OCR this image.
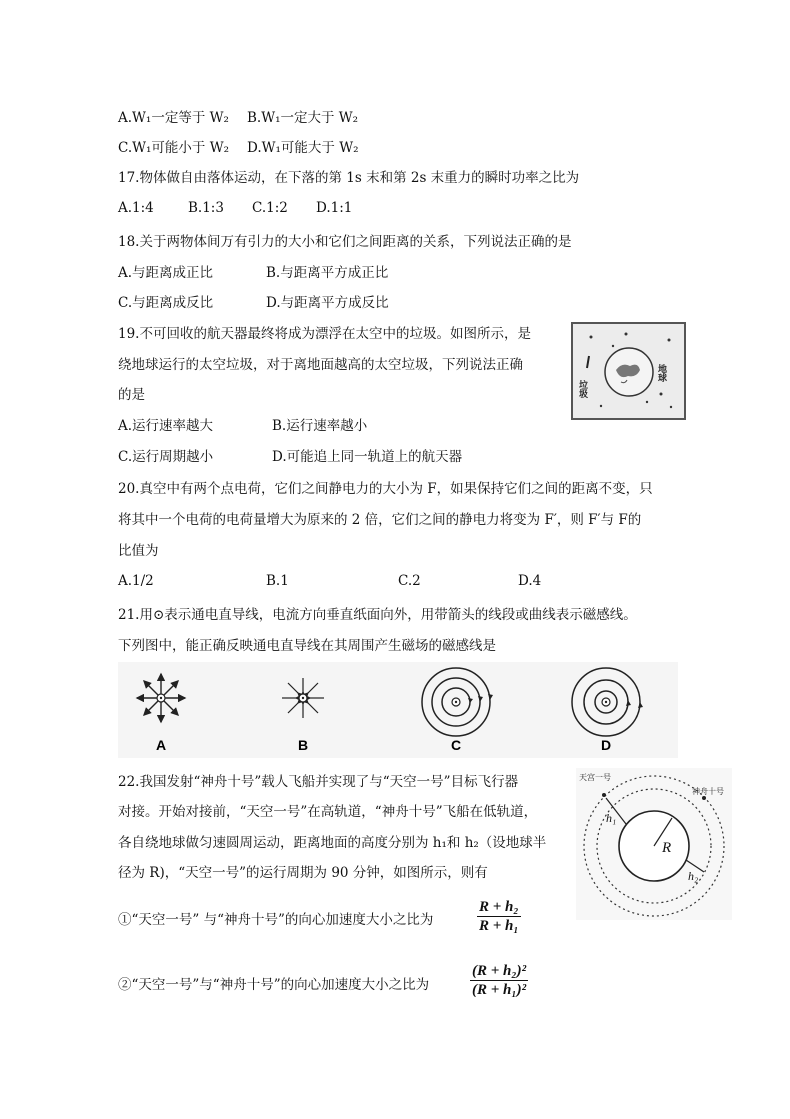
A.W₁一定等于 W₂ B.W₁一定大于 W₂
C.W₁可能小于 W₂ D.W₁可能大于 W₂
17.物体做自由落体运动，在下落的第 1s 末和第 2s 末重力的瞬时功率之比为
A.1:4	B.1:3 C.1:2 D.1:1
18.关于两物体间万有引力的大小和它们之间距离的关系，下列说法正确的是
A.与距离成正比	B.与距离平方成正比
C.与距离成反比	D.与距离平方成反比
19.不可回收的航天器最终将成为漂浮在太空中的垃圾。如图所示，是
绕地球运行的太空垃圾，对于离地面越高的太空垃圾，下列说法正确
的是	垃圾
地球
A.运行速率越大	B.运行速率越小
C.运行周期越小	D.可能追上同一轨道上的航天器
20.真空中有两个点电荷，它们之间静电力的大小为 F，如果保持它们之间的距离不变，只
将其中一个电荷的电荷量增大为原来的 2 倍，它们之间的静电力将变为 F′，则 F′与 F的
比值为
A.1/2	B.1	C.2	D.4
21.用⊙表示通电直导线，电流方向垂直纸面向外，用带箭头的线段或曲线表示磁感线。
下列图中，能正确反映通电直导线在其周围产生磁场的磁感线是
A	B	C	D
22.我国发射“神舟十号”载人飞船并实现了与“天空一号”目标飞行器
对接。开始对接前，“天空一号”在高轨道，“神舟十号”飞船在低轨道，
各自绕地球做匀速圆周运动，距离地面的高度分别为 h₁和 h₂（设地球半
径为 R)，“天空一号”的运行周期为 90 分钟，如图所示，则有
R
h₁
h₂
天宫一号
神舟十号
①“天空一号” 与“神舟十号”的向心加速度大小之比为	$\frac{\text{R + h₂}}{\text{R + h₁}}$
②“天空一号”与“神舟十号”的向心加速度大小之比为	$\frac{\text{(R + h₂)²}}{\text{(R + h₁)²}}$
